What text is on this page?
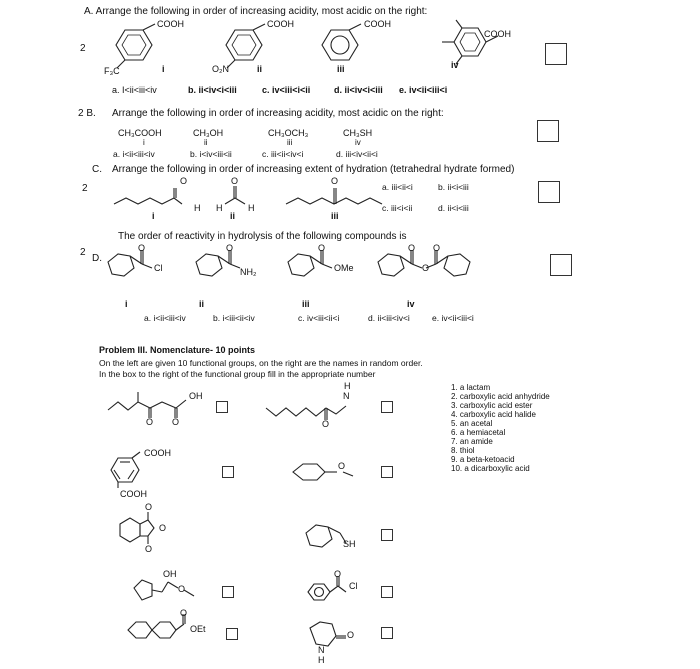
A. Arrange the following in order of increasing acidity, most acidic on the right:
2
COOH
F₃C	i
COOH
O₂N	ii
COOH
iii
COOH
iv
a. I<ii<iii<iv	b. ii<iv<i<iii	c. iv<iii<i<ii	d. ii<iv<i<iii e. iv<ii<iii<i
2 B. Arrange the following in order of increasing acidity, most acidic on the right:
CH₃COOH
i
CH₃OH
ii
CH₃OCH₃
iii
CH₃SH
iv
a. i<ii<iii<iv	b. i<iv<iii<ii	c. iii<ii<iv<i	d. iii<iv<ii<i
C. Arrange the following in order of increasing extent of hydration (tetrahedral hydrate formed)
2
O
H
i
O
H	H
ii
O
iii
a. iii<ii<i	b. ii<i<iii
c. iii<i<ii	d. ii<i<iii
The order of reactivity in hydrolysis of the following compounds is
2
D.
O
Cl
i
O
NH₂
ii
O
OMe
iii
O
O
O
iv
a. i<ii<iii<iv	b. i<iii<ii<iv	c. iv<iii<ii<i	d. ii<iii<iv<i	e. iv<ii<iii<i
Problem III. Nomenclature- 10 points
On the left are given 10 functional groups, on the right are the names in random order.
In the box to the right of the functional group fill in the appropriate number
1. a lactam
2. carboxylic acid anhydride
3. carboxylic acid ester
4. carboxylic acid halide
5. an acetal
6. a hemiacetal
7. an amide
8. thiol
9. a beta-ketoacid
10. a dicarboxylic acid
OH
O O
H
N
O
COOH
COOH
O
O
O
O	SH
OH
O
O
Cl
O
OEt
N
H
O
